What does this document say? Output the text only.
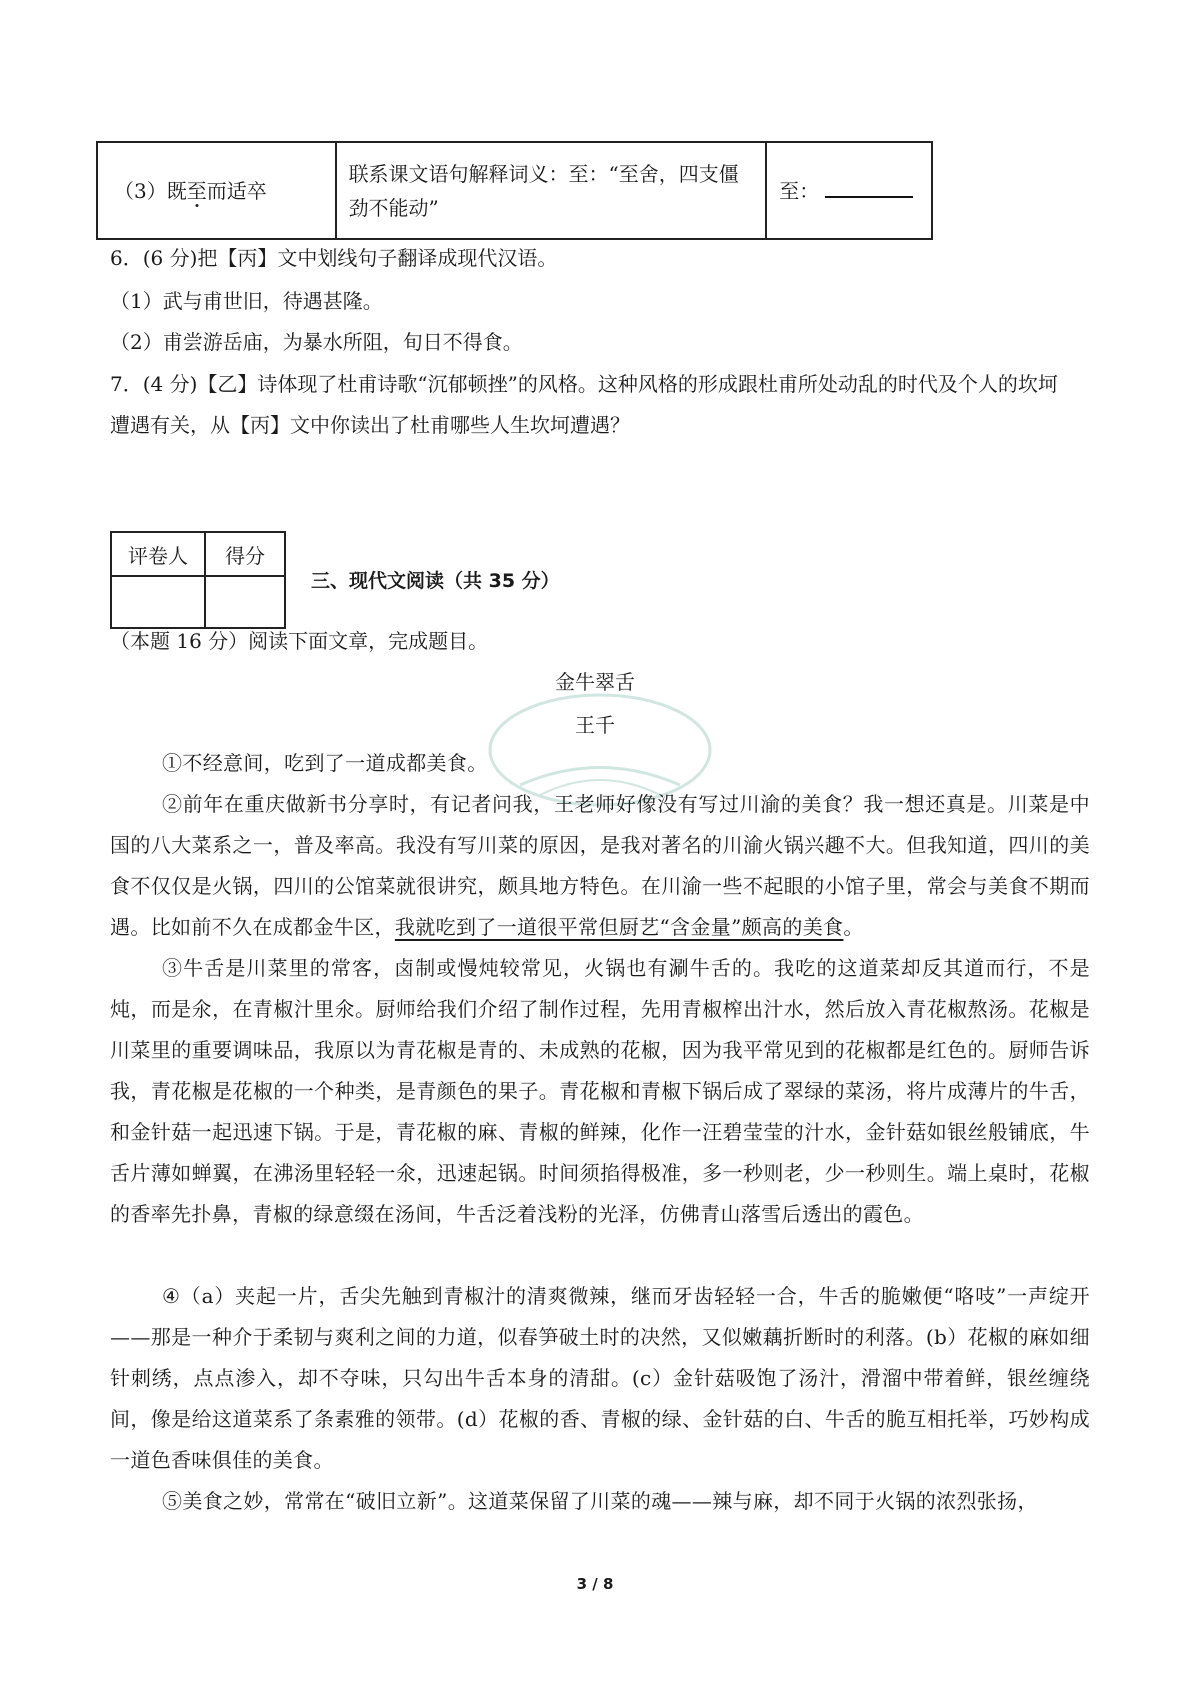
（3）既至而适卒	联系课文语句解释词义：至：“至舍，四支僵劲不能动”	至：
6．(6 分)把【丙】文中划线句子翻译成现代汉语。
（1）武与甫世旧，待遇甚隆。
（2）甫尝游岳庙，为暴水所阻，旬日不得食。
7．(4 分)【乙】诗体现了杜甫诗歌“沉郁顿挫”的风格。这种风格的形成跟杜甫所处动乱的时代及个人的坎坷
遭遇有关，从【丙】文中你读出了杜甫哪些人生坎坷遭遇？
评卷人	得分

三、现代文阅读（共 35 分）
（本题 16 分）阅读下面文章，完成题目。
金牛翠舌
王千

①不经意间，吃到了一道成都美食。

②前年在重庆做新书分享时，有记者问我，王老师好像没有写过川渝的美食？我一想还真是。川菜是中国的八大菜系之一，普及率高。我没有写川菜的原因，是我对著名的川渝火锅兴趣不大。但我知道，四川的美食不仅仅是火锅，四川的公馆菜就很讲究，颇具地方特色。在川渝一些不起眼的小馆子里，常会与美食不期而遇。比如前不久在成都金牛区，我就吃到了一道很平常但厨艺“含金量”颇高的美食。

③牛舌是川菜里的常客，卤制或慢炖较常见，火锅也有涮牛舌的。我吃的这道菜却反其道而行，不是炖，而是氽，在青椒汁里氽。厨师给我们介绍了制作过程，先用青椒榨出汁水，然后放入青花椒熬汤。花椒是川菜里的重要调味品，我原以为青花椒是青的、未成熟的花椒，因为我平常见到的花椒都是红色的。厨师告诉我，青花椒是花椒的一个种类，是青颜色的果子。青花椒和青椒下锅后成了翠绿的菜汤，将片成薄片的牛舌，和金针菇一起迅速下锅。于是，青花椒的麻、青椒的鲜辣，化作一汪碧莹莹的汁水，金针菇如银丝般铺底，牛舌片薄如蝉翼，在沸汤里轻轻一氽，迅速起锅。时间须掐得极准，多一秒则老，少一秒则生。端上桌时，花椒的香率先扑鼻，青椒的绿意缀在汤间，牛舌泛着浅粉的光泽，仿佛青山落雪后透出的霞色。

④（a）夹起一片，舌尖先触到青椒汁的清爽微辣，继而牙齿轻轻一合，牛舌的脆嫩便“咯吱”一声绽开——那是一种介于柔韧与爽利之间的力道，似春笋破土时的决然，又似嫩藕折断时的利落。(b）花椒的麻如细针刺绣，点点渗入，却不夺味，只勾出牛舌本身的清甜。(c）金针菇吸饱了汤汁，滑溜中带着鲜，银丝缠绕间，像是给这道菜系了条素雅的领带。(d）花椒的香、青椒的绿、金针菇的白、牛舌的脆互相托举，巧妙构成一道色香味俱佳的美食。

⑤美食之妙，常常在“破旧立新”。这道菜保留了川菜的魂——辣与麻，却不同于火锅的浓烈张扬，

3 / 8
